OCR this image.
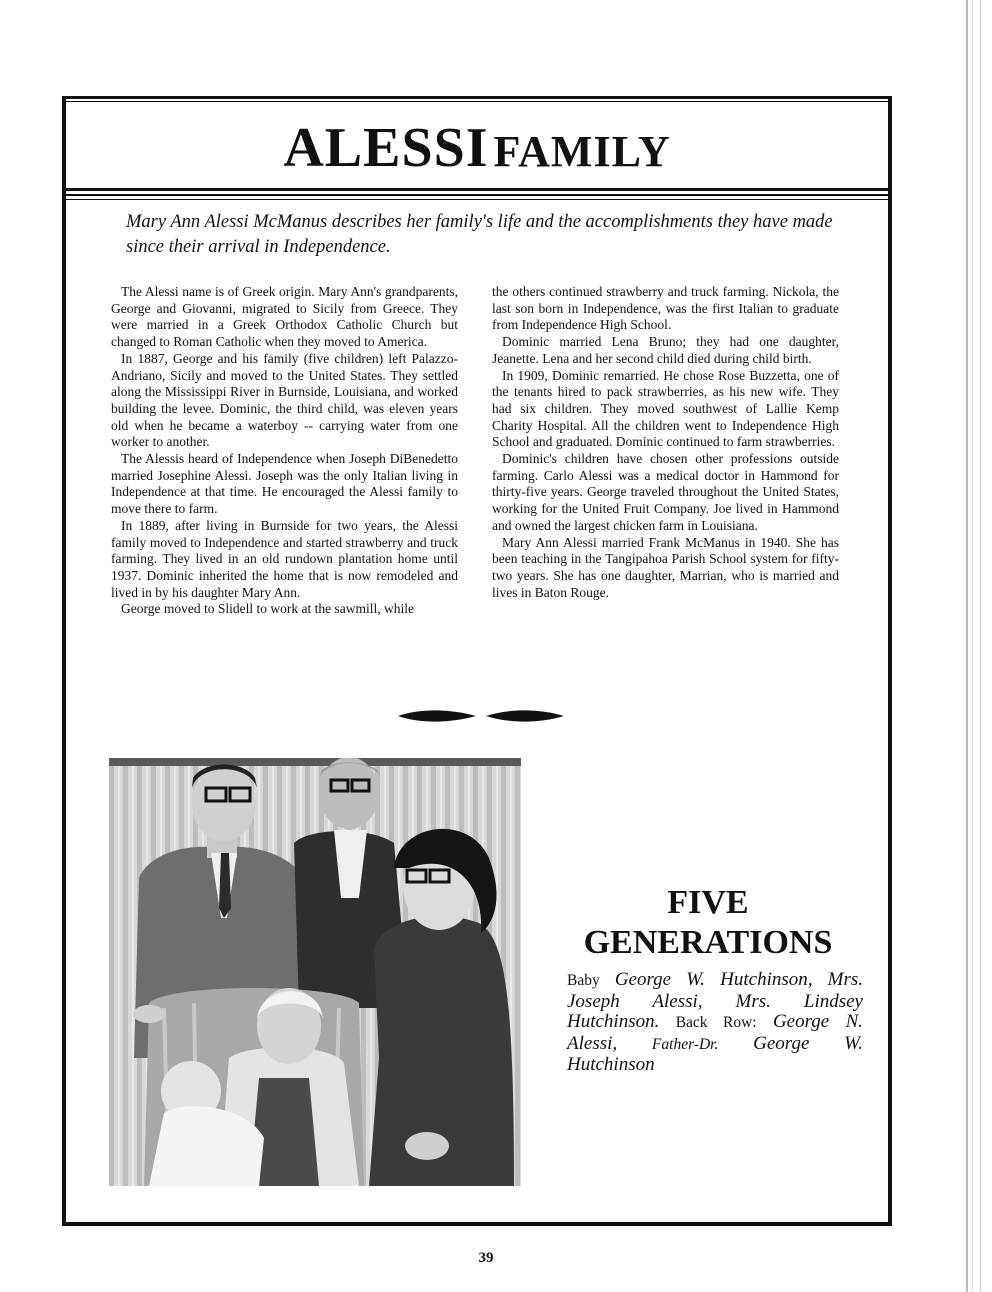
ALESSI FAMILY

Mary Ann Alessi McManus describes her family's life and the accomplishments they have made since their arrival in Independence.

The Alessi name is of Greek origin. Mary Ann's grandparents, George and Giovanni, migrated to Sicily from Greece. They were married in a Greek Orthodox Catholic Church but changed to Roman Catholic when they moved to America.

In 1887, George and his family (five children) left Palazzo-Andriano, Sicily and moved to the United States. They settled along the Mississippi River in Burnside, Louisiana, and worked building the levee. Dominic, the third child, was eleven years old when he became a waterboy -- carrying water from one worker to another.

The Alessis heard of Independence when Joseph DiBenedetto married Josephine Alessi. Joseph was the only Italian living in Independence at that time. He encouraged the Alessi family to move there to farm.

In 1889, after living in Burnside for two years, the Alessi family moved to Independence and started strawberry and truck farming. They lived in an old rundown plantation home until 1937. Dominic inherited the home that is now remodeled and lived in by his daughter Mary Ann.

George moved to Slidell to work at the sawmill, while

the others continued strawberry and truck farming. Nickola, the last son born in Independence, was the first Italian to graduate from Independence High School.

Dominic married Lena Bruno; they had one daughter, Jeanette. Lena and her second child died during child birth.

In 1909, Dominic remarried. He chose Rose Buzzetta, one of the tenants hired to pack strawberries, as his new wife. They had six children. They moved southwest of Lallie Kemp Charity Hospital. All the children went to Independence High School and graduated. Dominic continued to farm strawberries.

Dominic's children have chosen other professions outside farming. Carlo Alessi was a medical doctor in Hammond for thirty-five years. George traveled throughout the United States, working for the United Fruit Company. Joe lived in Hammond and owned the largest chicken farm in Louisiana.

Mary Ann Alessi married Frank McManus in 1940. She has been teaching in the Tangipahoa Parish School system for fifty-two years. She has one daughter, Marrian, who is married and lives in Baton Rouge.

FIVE
GENERATIONS

Baby George W. Hutchinson, Mrs. Joseph Alessi, Mrs. Lindsey Hutchinson. Back Row: George N. Alessi, Father-Dr. George W. Hutchinson

39
